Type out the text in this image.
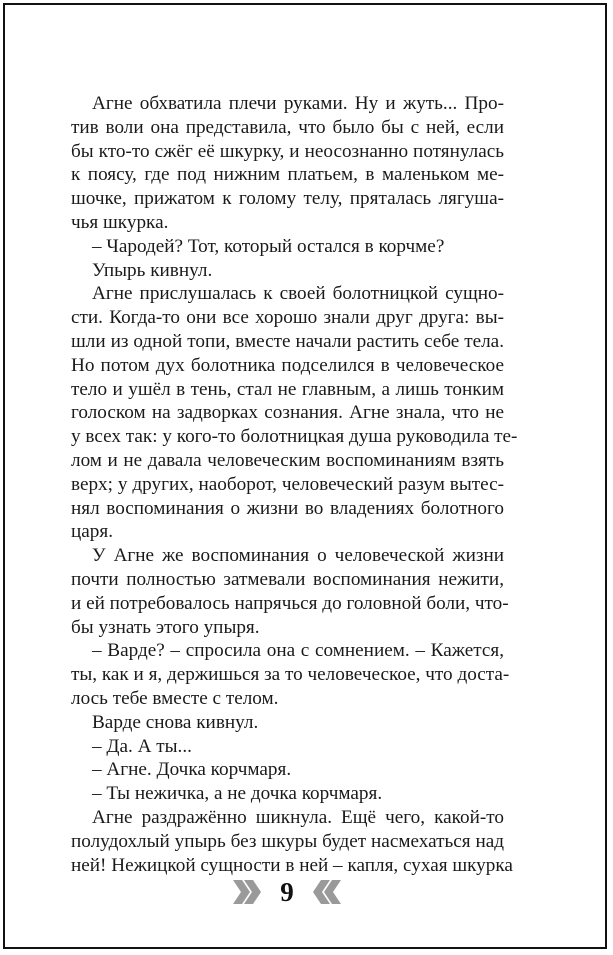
Агне обхватила плечи руками. Ну и жуть... Про-
тив воли она представила, что было бы с ней, если
бы кто-то сжёг её шкурку, и неосознанно потянулась
к поясу, где под нижним платьем, в маленьком ме-
шочке, прижатом к голому телу, пряталась лягуша-
чья шкурка.
– Чародей? Тот, который остался в корчме?
Упырь кивнул.
Агне прислушалась к своей болотницкой сущно-
сти. Когда-то они все хорошо знали друг друга: вы-
шли из одной топи, вместе начали растить себе тела.
Но потом дух болотника подселился в человеческое
тело и ушёл в тень, стал не главным, а лишь тонким
голоском на задворках сознания. Агне знала, что не
у всех так: у кого-то болотницкая душа руководила те-
лом и не давала человеческим воспоминаниям взять
верх; у других, наоборот, человеческий разум вытес-
нял воспоминания о жизни во владениях болотного
царя.
У Агне же воспоминания о человеческой жизни
почти полностью затмевали воспоминания нежити,
и ей потребовалось напрячься до головной боли, что-
бы узнать этого упыря.
– Варде? – спросила она с сомнением. – Кажется,
ты, как и я, держишься за то человеческое, что доста-
лось тебе вместе с телом.
Варде снова кивнул.
– Да. А ты...
– Агне. Дочка корчмаря.
– Ты нежичка, а не дочка корчмаря.
Агне раздражённо шикнула. Ещё чего, какой-то
полудохлый упырь без шкуры будет насмехаться над
ней! Нежицкой сущности в ней – капля, сухая шкурка
9
